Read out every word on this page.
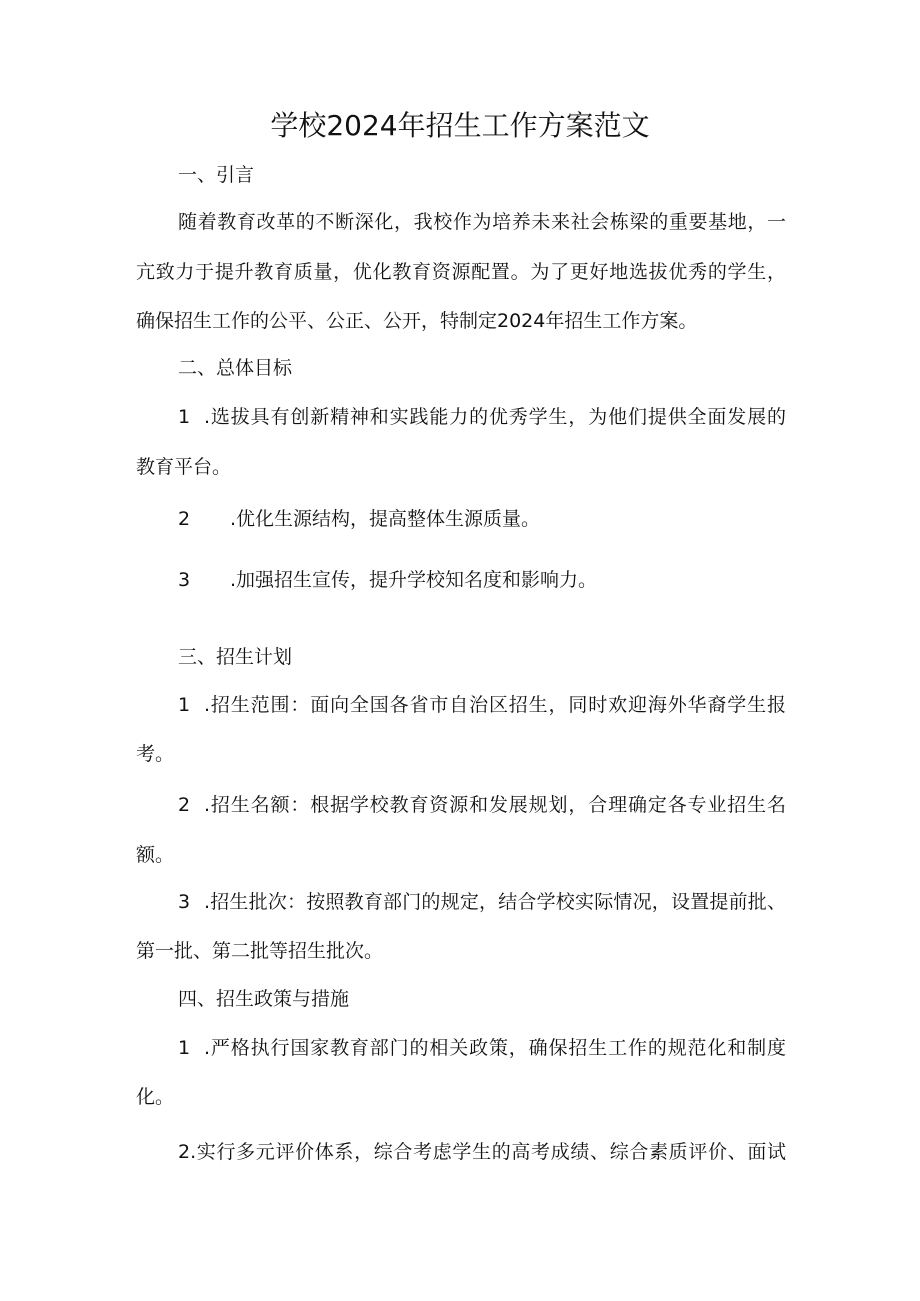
学校2024年招生工作方案范文
一、引言
随着教育改革的不断深化，我校作为培养未来社会栋梁的重要基地，一
亢致力于提升教育质量，优化教育资源配置。为了更好地选拔优秀的学生，
确保招生工作的公平、公正、公开，特制定2024年招生工作方案。
二、总体目标
1 .选拔具有创新精神和实践能力的优秀学生，为他们提供全面发展的
教育平台。
2 .优化生源结构，提高整体生源质量。
3 .加强招生宣传，提升学校知名度和影响力。
三、招生计划
1 .招生范围：面向全国各省市自治区招生，同时欢迎海外华裔学生报
考。
2 .招生名额：根据学校教育资源和发展规划，合理确定各专业招生名
额。
3 .招生批次：按照教育部门的规定，结合学校实际情况，设置提前批、
第一批、第二批等招生批次。
四、招生政策与措施
1 .严格执行国家教育部门的相关政策，确保招生工作的规范化和制度
化。
2 .实行多元评价体系，综合考虑学生的高考成绩、综合素质评价、面试
